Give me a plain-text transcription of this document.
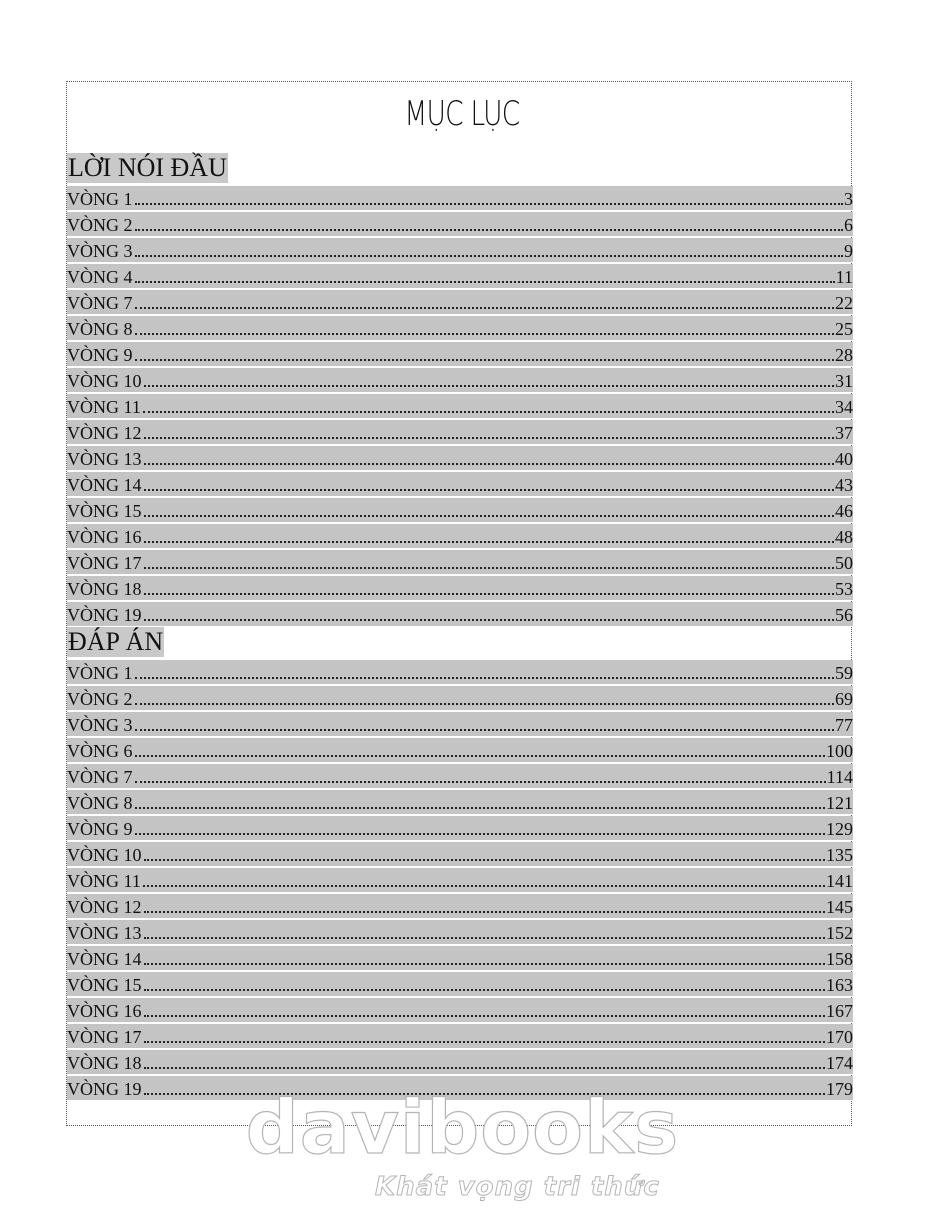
MỤC LỤC
LỜI NÓI ĐẦU
VÒNG 1	3
VÒNG 2	6
VÒNG 3	9
VÒNG 4	11
VÒNG 7	22
VÒNG 8	25
VÒNG 9	28
VÒNG 10	31
VÒNG 11	34
VÒNG 12	37
VÒNG 13	40
VÒNG 14	43
VÒNG 15	46
VÒNG 16	48
VÒNG 17	50
VÒNG 18	53
VÒNG 19	56
ĐÁP ÁN
VÒNG 1	59
VÒNG 2	69
VÒNG 3	77
VÒNG 6	100
VÒNG 7	114
VÒNG 8	121
VÒNG 9	129
VÒNG 10	135
VÒNG 11	141
VÒNG 12	145
VÒNG 13	152
VÒNG 14	158
VÒNG 15	163
VÒNG 16	167
VÒNG 17	170
VÒNG 18	174
VÒNG 19	179
davibooks
Khát vọng tri thức
